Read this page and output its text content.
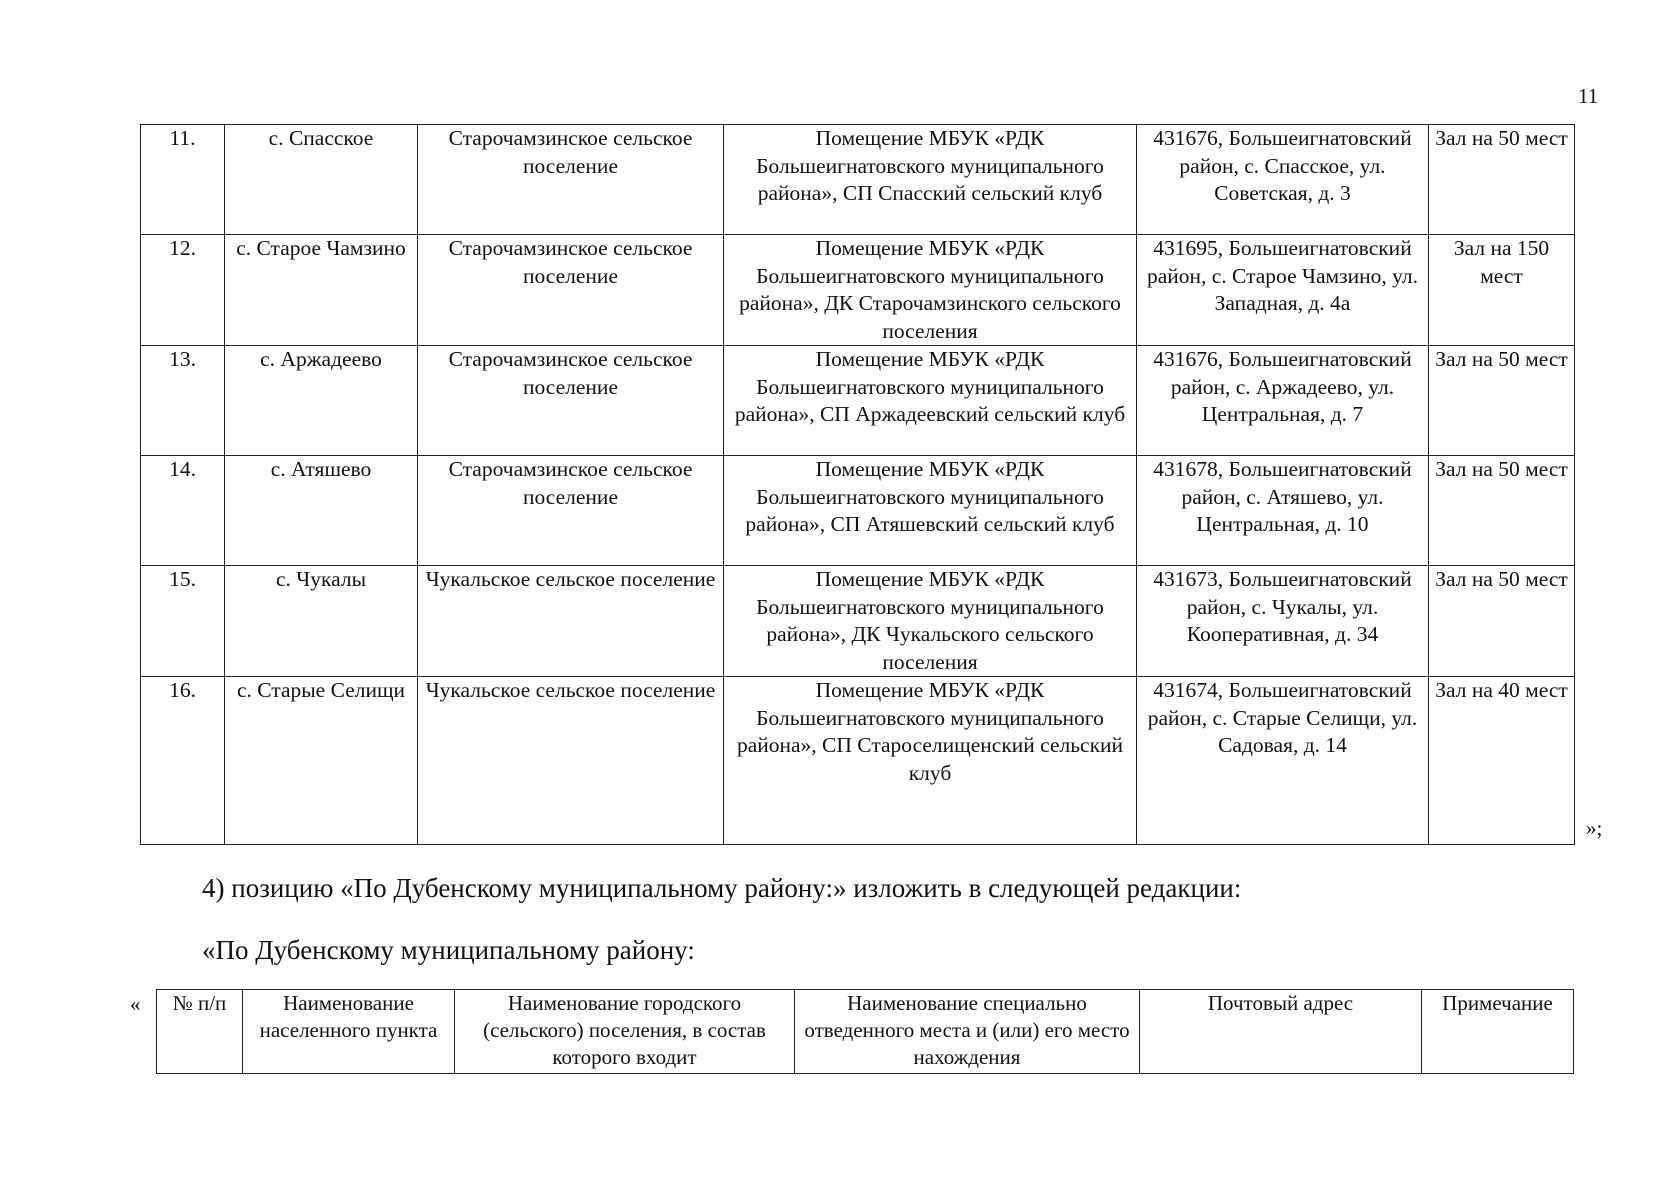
11
11.	с. Спасское	Старочамзинское сельское поселение	Помещение МБУК «РДК Большеигнатовского муниципального района», СП Спасский сельский клуб	431676, Большеигнатовский район, с. Спасское, ул. Советская, д. 3	Зал на 50 мест
12.	с. Старое Чамзино	Старочамзинское сельское поселение	Помещение МБУК «РДК Большеигнатовского муниципального района», ДК Старочамзинского сельского поселения	431695, Большеигнатовский район, с. Старое Чамзино, ул. Западная, д. 4а	Зал на 150 мест
13.	с. Аржадеево	Старочамзинское сельское поселение	Помещение МБУК «РДК Большеигнатовского муниципального района», СП Аржадеевский сельский клуб	431676, Большеигнатовский район, с. Аржадеево, ул. Центральная, д. 7	Зал на 50 мест
14.	с. Атяшево	Старочамзинское сельское поселение	Помещение МБУК «РДК Большеигнатовского муниципального района», СП Атяшевский сельский клуб	431678, Большеигнатовский район, с. Атяшево, ул. Центральная, д. 10	Зал на 50 мест
15.	с. Чукалы	Чукальское сельское поселение	Помещение МБУК «РДК Большеигнатовского муниципального района», ДК Чукальского сельского поселения	431673, Большеигнатовский район, с. Чукалы, ул. Кооперативная, д. 34	Зал на 50 мест
16.	с. Старые Селищи	Чукальское сельское поселение	Помещение МБУК «РДК Большеигнатовского муниципального района», СП Староселищенский сельский клуб	431674, Большеигнатовский район, с. Старые Селищи, ул. Садовая, д. 14	Зал на 40 мест
»;
4) позицию «По Дубенскому муниципальному району:» изложить в следующей редакции:
«По Дубенскому муниципальному району:
« № п/п	Наименование населенного пункта	Наименование городского (сельского) поселения, в состав которого входит	Наименование специально отведенного места и (или) его место нахождения	Почтовый адрес	Примечание
